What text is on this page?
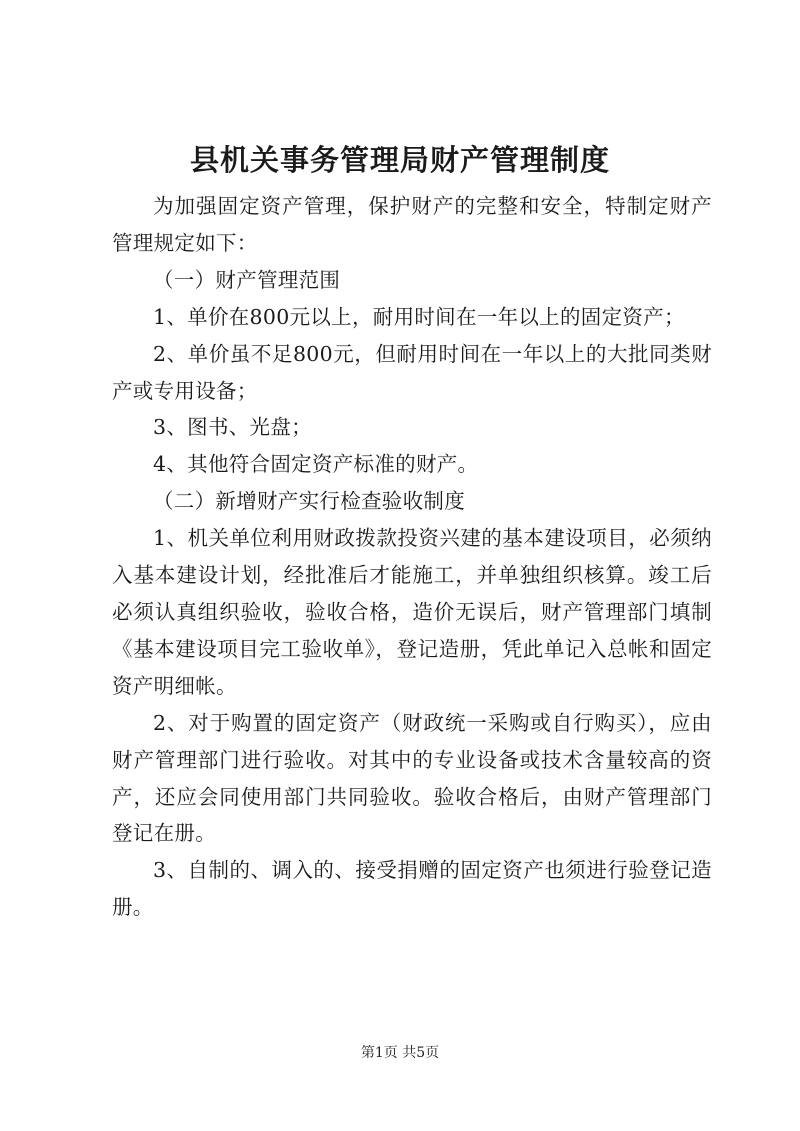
县机关事务管理局财产管理制度

为加强固定资产管理，保护财产的完整和安全，特制定财产管理规定如下：

（一）财产管理范围

1、单价在800元以上，耐用时间在一年以上的固定资产；

2、单价虽不足800元，但耐用时间在一年以上的大批同类财产或专用设备；

3、图书、光盘；

4、其他符合固定资产标准的财产。

（二）新增财产实行检查验收制度

1、机关单位利用财政拨款投资兴建的基本建设项目，必须纳入基本建设计划，经批准后才能施工，并单独组织核算。竣工后必须认真组织验收，验收合格，造价无误后，财产管理部门填制《基本建设项目完工验收单》，登记造册，凭此单记入总帐和固定资产明细帐。

2、对于购置的固定资产（财政统一采购或自行购买），应由财产管理部门进行验收。对其中的专业设备或技术含量较高的资产，还应会同使用部门共同验收。验收合格后，由财产管理部门登记在册。

3、自制的、调入的、接受捐赠的固定资产也须进行验登记造册。

第1页 共5页
